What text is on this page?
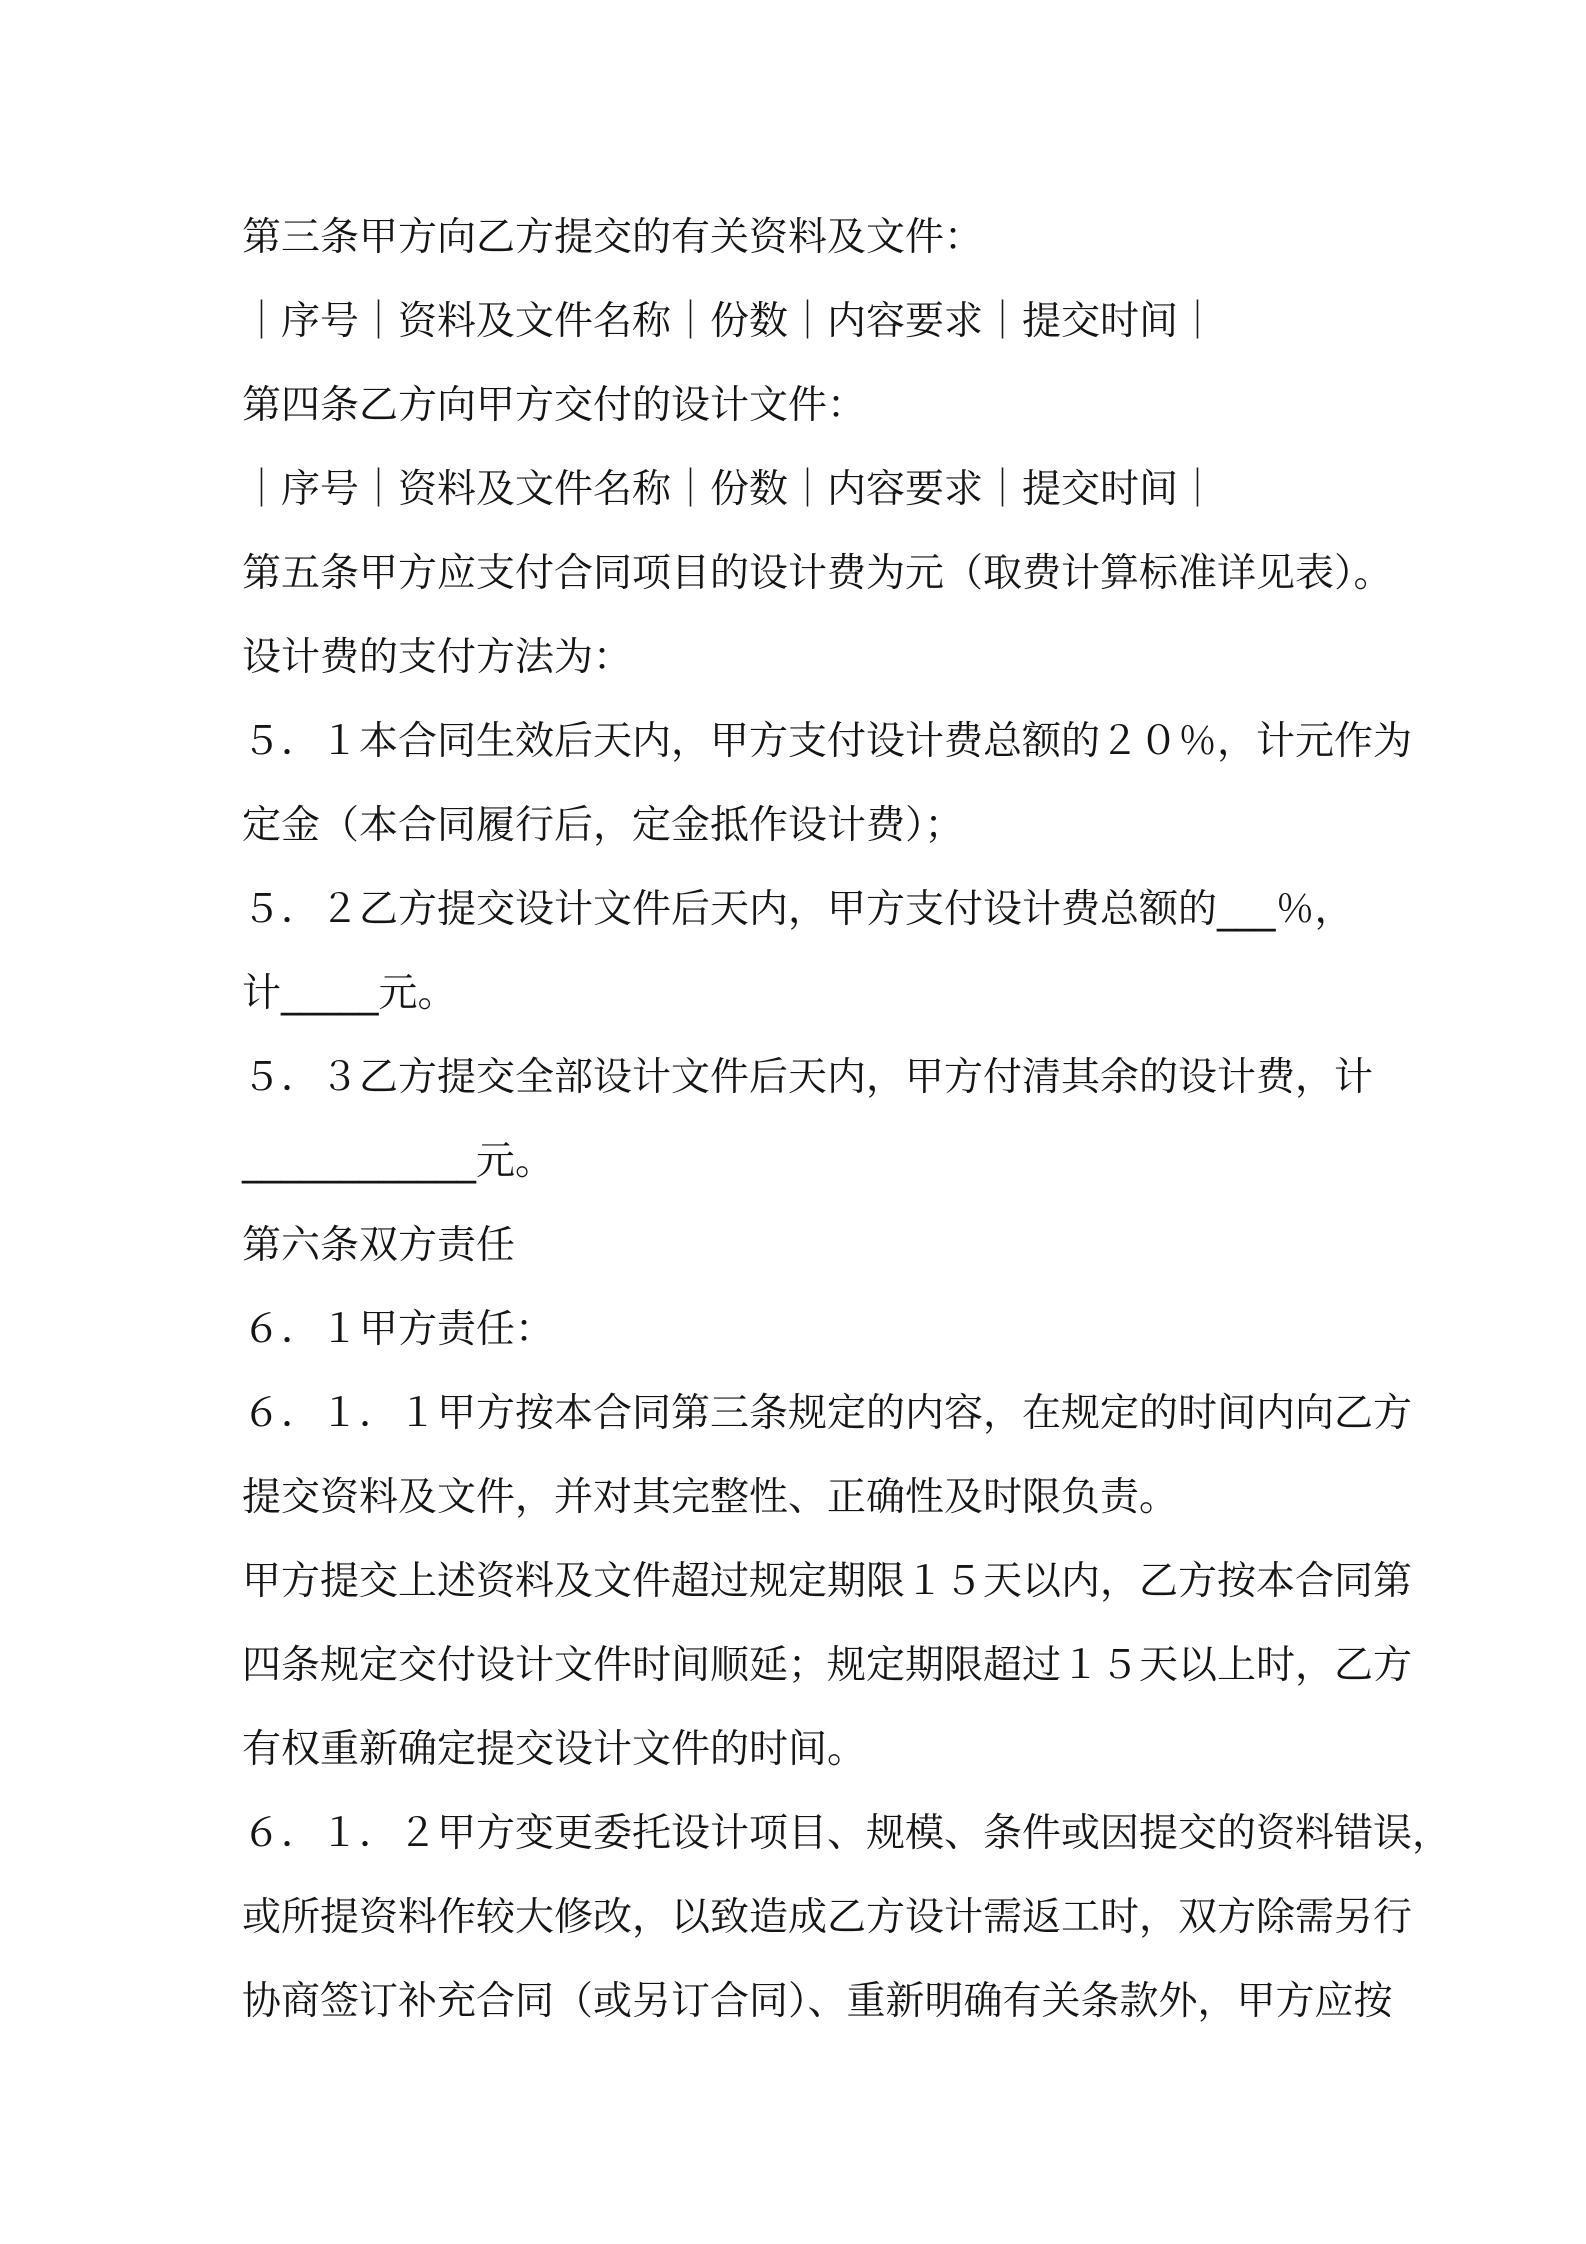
第三条甲方向乙方提交的有关资料及文件：
｜序号｜资料及文件名称｜份数｜内容要求｜提交时间｜
第四条乙方向甲方交付的设计文件：
｜序号｜资料及文件名称｜份数｜内容要求｜提交时间｜
第五条甲方应支付合同项目的设计费为元（取费计算标准详见表）。
设计费的支付方法为：
５．１本合同生效后天内，甲方支付设计费总额的２０％，计元作为
定金（本合同履行后，定金抵作设计费）；
５．２乙方提交设计文件后天内，甲方支付设计费总额的___％，
计_____元。
５．３乙方提交全部设计文件后天内，甲方付清其余的设计费，计
____________元。
第六条双方责任
６．１甲方责任：
６．１．１甲方按本合同第三条规定的内容，在规定的时间内向乙方
提交资料及文件，并对其完整性、正确性及时限负责。
甲方提交上述资料及文件超过规定期限１５天以内，乙方按本合同第
四条规定交付设计文件时间顺延；规定期限超过１５天以上时，乙方
有权重新确定提交设计文件的时间。
６．１．２甲方变更委托设计项目、规模、条件或因提交的资料错误，
或所提资料作较大修改，以致造成乙方设计需返工时，双方除需另行
协商签订补充合同（或另订合同）、重新明确有关条款外，甲方应按
